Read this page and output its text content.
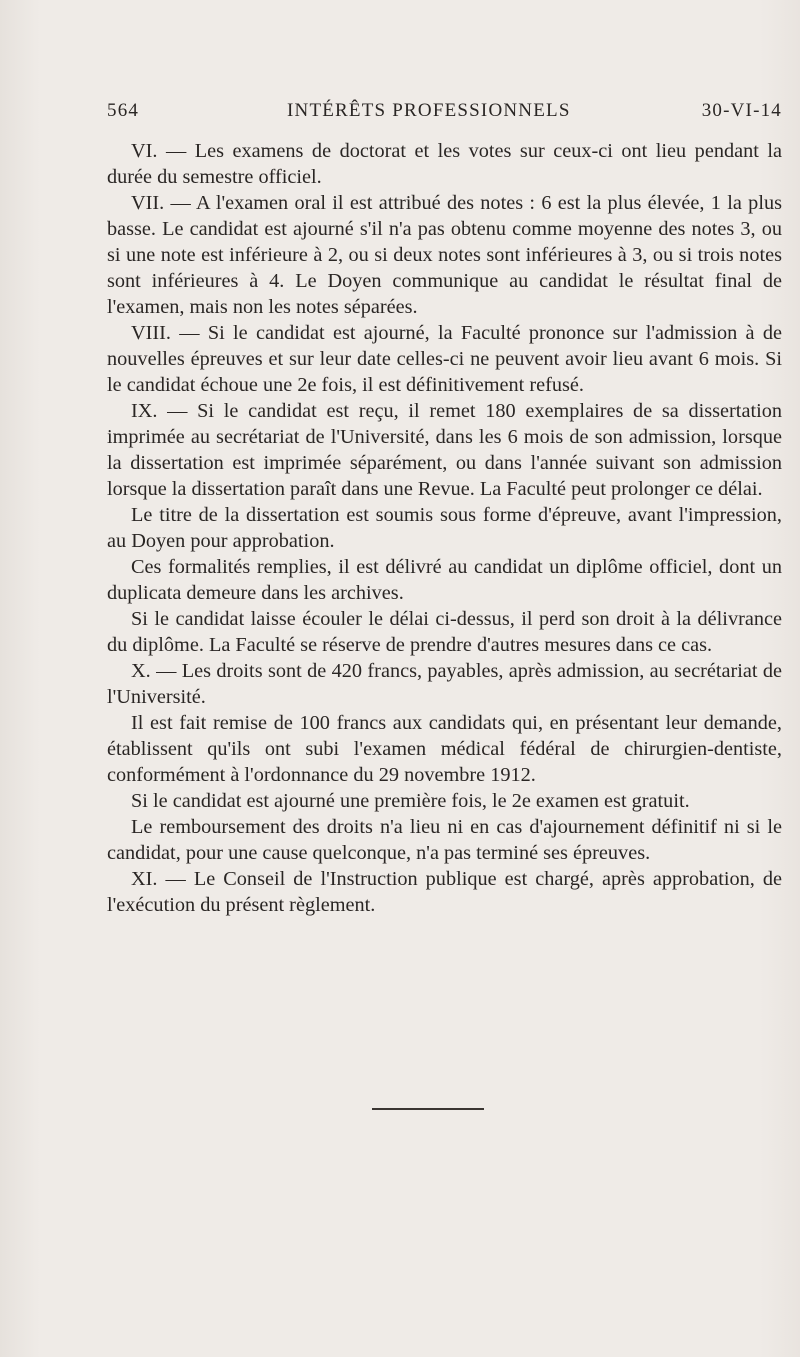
564	INTÉRÊTS PROFESSIONNELS	30-VI-14

VI. — Les examens de doctorat et les votes sur ceux-ci ont lieu pendant la durée du semestre officiel.

VII. — A l'examen oral il est attribué des notes : 6 est la plus élevée, 1 la plus basse. Le candidat est ajourné s'il n'a pas obtenu comme moyenne des notes 3, ou si une note est inférieure à 2, ou si deux notes sont inférieures à 3, ou si trois notes sont inférieures à 4. Le Doyen communique au candidat le résultat final de l'examen, mais non les notes séparées.

VIII. — Si le candidat est ajourné, la Faculté prononce sur l'admission à de nouvelles épreuves et sur leur date celles-ci ne peuvent avoir lieu avant 6 mois. Si le candidat échoue une 2e fois, il est définitivement refusé.

IX. — Si le candidat est reçu, il remet 180 exemplaires de sa dissertation imprimée au secrétariat de l'Université, dans les 6 mois de son admission, lorsque la dissertation est imprimée séparément, ou dans l'année suivant son admission lorsque la dissertation paraît dans une Revue. La Faculté peut prolonger ce délai.

Le titre de la dissertation est soumis sous forme d'épreuve, avant l'impression, au Doyen pour approbation.

Ces formalités remplies, il est délivré au candidat un diplôme officiel, dont un duplicata demeure dans les archives.

Si le candidat laisse écouler le délai ci-dessus, il perd son droit à la délivrance du diplôme. La Faculté se réserve de prendre d'autres mesures dans ce cas.

X. — Les droits sont de 420 francs, payables, après admission, au secrétariat de l'Université.

Il est fait remise de 100 francs aux candidats qui, en présentant leur demande, établissent qu'ils ont subi l'examen médical fédéral de chirurgien-dentiste, conformément à l'ordonnance du 29 novembre 1912.

Si le candidat est ajourné une première fois, le 2e examen est gratuit.

Le remboursement des droits n'a lieu ni en cas d'ajournement définitif ni si le candidat, pour une cause quelconque, n'a pas terminé ses épreuves.

XI. — Le Conseil de l'Instruction publique est chargé, après approbation, de l'exécution du présent règlement.
